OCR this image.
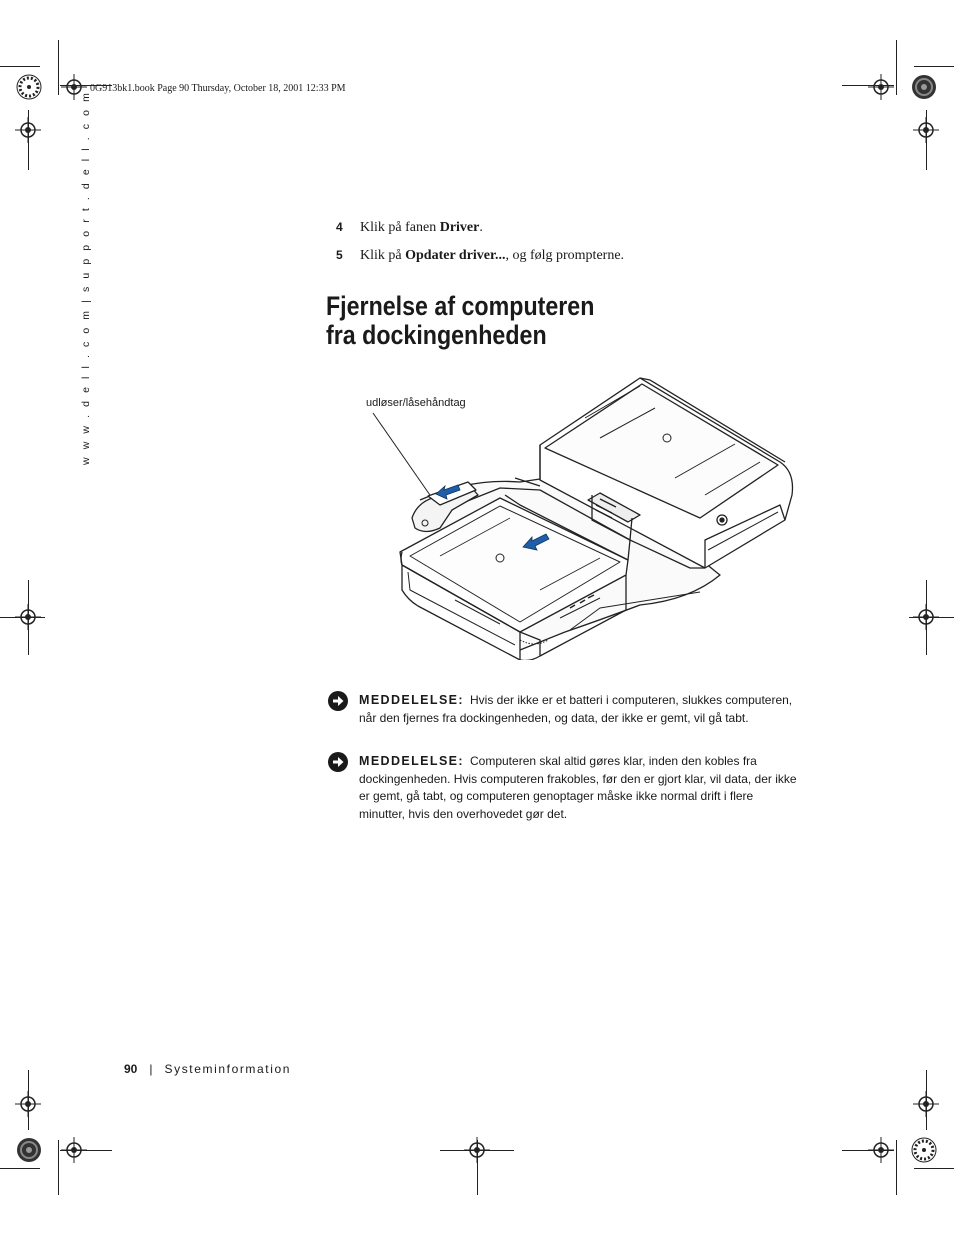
0G913bk1.book Page 90 Thursday, October 18, 2001 12:33 PM
w w w . d e l l . c o m | s u p p o r t . d e l l . c o m	4 Klik på fanen Driver.
5 Klik på Opdater driver..., og følg prompterne.
Fjernelse af computeren
fra dockingenheden
udløser/låsehåndtag
MEDDELELSE: Hvis der ikke er et batteri i computeren, slukkes computeren, når den fjernes fra dockingenheden, og data, der ikke er gemt, vil gå tabt.
MEDDELELSE: Computeren skal altid gøres klar, inden den kobles fra dockingenheden. Hvis computeren frakobles, før den er gjort klar, vil data, der ikke er gemt, gå tabt, og computeren genoptager måske ikke normal drift i flere minutter, hvis den overhovedet gør det.
90 | Systeminformation
